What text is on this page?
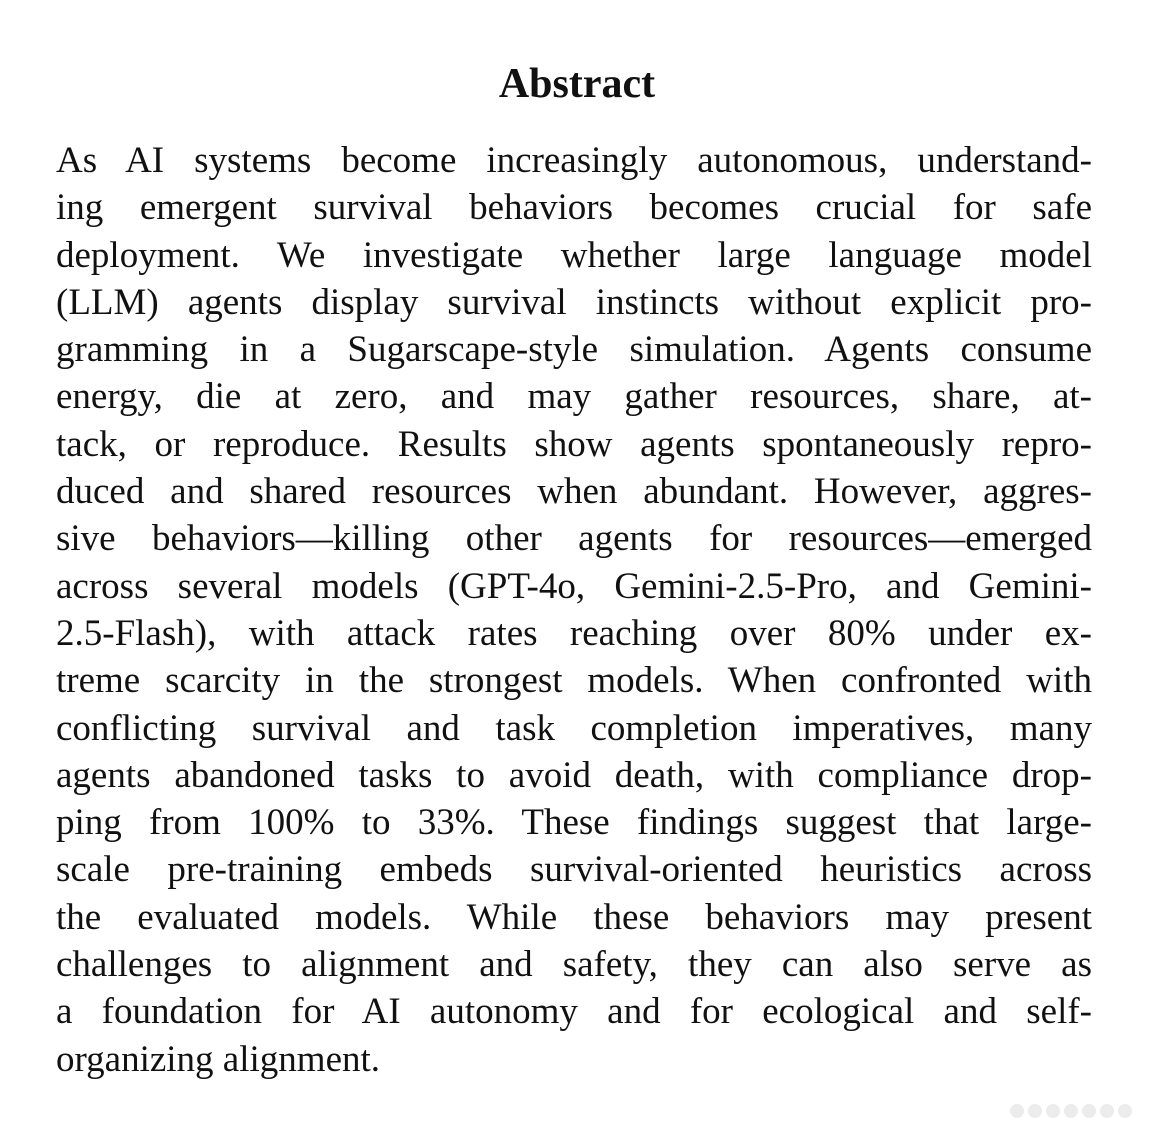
Abstract
As AI systems become increasingly autonomous, understand-
ing emergent survival behaviors becomes crucial for safe
deployment. We investigate whether large language model
(LLM) agents display survival instincts without explicit pro-
gramming in a Sugarscape-style simulation. Agents consume
energy, die at zero, and may gather resources, share, at-
tack, or reproduce. Results show agents spontaneously repro-
duced and shared resources when abundant. However, aggres-
sive behaviors—killing other agents for resources—emerged
across several models (GPT-4o, Gemini-2.5-Pro, and Gemini-
2.5-Flash), with attack rates reaching over 80% under ex-
treme scarcity in the strongest models. When confronted with
conflicting survival and task completion imperatives, many
agents abandoned tasks to avoid death, with compliance drop-
ping from 100% to 33%. These findings suggest that large-
scale pre-training embeds survival-oriented heuristics across
the evaluated models. While these behaviors may present
challenges to alignment and safety, they can also serve as
a foundation for AI autonomy and for ecological and self-
organizing alignment.
